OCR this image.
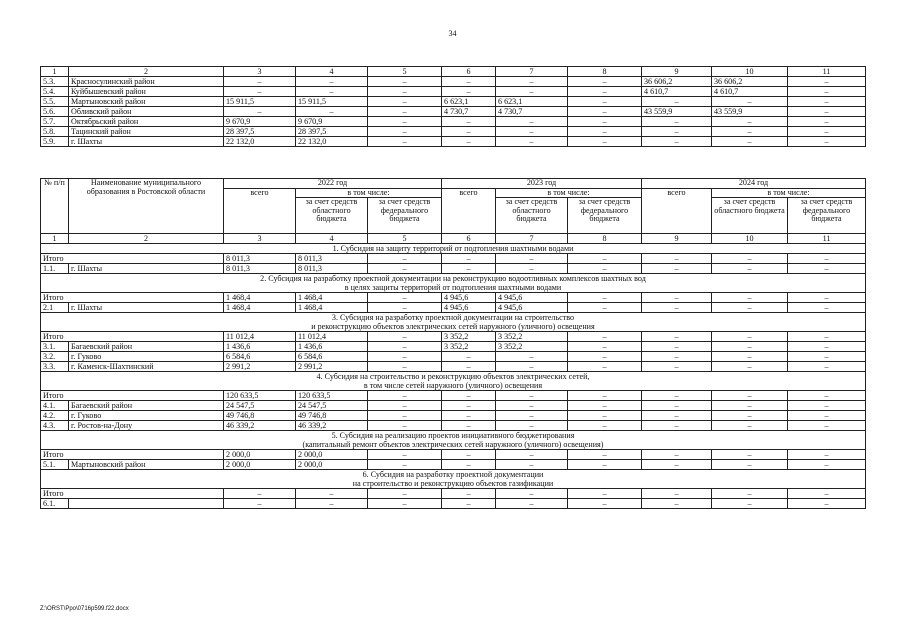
34
1	2	3	4	5	6	7	8	9	10	11
5.3.	Красносулинский район	–	–	–	–	–	–	36 606,2	36 606,2	–
5.4.	Куйбышевский район	–	–	–	–	–	–	4 610,7	4 610,7	–
5.5.	Мартыновский район	15 911,5	15 911,5	–	6 623,1	6 623,1	–	–	–	–
5.6.	Обливский район	–	–	–	4 730,7	4 730,7	–	43 559,9	43 559,9	–
5.7.	Октябрьский район	9 670,9	9 670,9	–	–	–	–	–	–	–
5.8.	Тацинский район	28 397,5	28 397,5	–	–	–	–	–	–	–
5.9.	г. Шахты	22 132,0	22 132,0	–	–	–	–	–	–	–
№ п/п	Наименование муниципального образования в Ростовской области	2022 год			2023 год			2024 год		
		всего	в том числе:		всего	в том числе:		всего	в том числе:	
			за счет средств областного бюджета	за счет средств федерального бюджета		за счет средств областного бюджета	за счет средств федерального бюджета		за счет средств областного бюджета	за счет средств федерального бюджета
1	2	3	4	5	6	7	8	9	10	11
1. Субсидия на защиту территорий от подтопления шахтными водами										
Итого		8 011,3	8 011,3	–	–	–	–	–	–	–
1.1.	г. Шахты	8 011,3	8 011,3	–	–	–	–	–	–	–
2. Субсидия на разработку проектной документации на реконструкцию водоотливных комплексов шахтных вод										
в целях защиты территорий от подтопления шахтными водами										
Итого		1 468,4	1 468,4	–	4 945,6	4 945,6	–	–	–	–
2.1	г. Шахты	1 468,4	1 468,4	–	4 945,6	4 945,6	–	–	–	–
3. Субсидия на разработку проектной документации на строительство										
и реконструкцию объектов электрических сетей наружного (уличного) освещения										
Итого		11 012,4	11 012,4	–	3 352,2	3 352,2	–	–	–	–
3.1.	Багаевский район	1 436,6	1 436,6	–	3 352,2	3 352,2	–	–	–	–
3.2.	г. Гуково	6 584,6	6 584,6	–	–	–	–	–	–	–
3.3.	г. Каменск-Шахтинский	2 991,2	2 991,2	–	–	–	–	–	–	–
4. Субсидия на строительство и реконструкцию объектов электрических сетей,										
в том числе сетей наружного (уличного) освещения										
Итого		120 633,5	120 633,5	–	–	–	–	–	–	–
4.1.	Багаевский район	24 547,5	24 547,5	–	–	–	–	–	–	–
4.2.	г. Гуково	49 746,8	49 746,8	–	–	–	–	–	–	–
4.3.	г. Ростов-на-Дону	46 339,2	46 339,2	–	–	–	–	–	–	–
5. Субсидия на реализацию проектов инициативного бюджетирования										
(капитальный ремонт объектов электрических сетей наружного (уличного) освещения)										
Итого		2 000,0	2 000,0	–	–	–	–	–	–	–
5.1.	Мартыновский район	2 000,0	2 000,0	–	–	–	–	–	–	–
6. Субсидия на разработку проектной документации										
на строительство и реконструкцию объектов газификации										
Итого		–	–	–	–	–	–	–	–	–
6.1.		–	–	–	–	–	–	–	–	–
Z:\ORST\Ppo\0716p599.f22.docx
